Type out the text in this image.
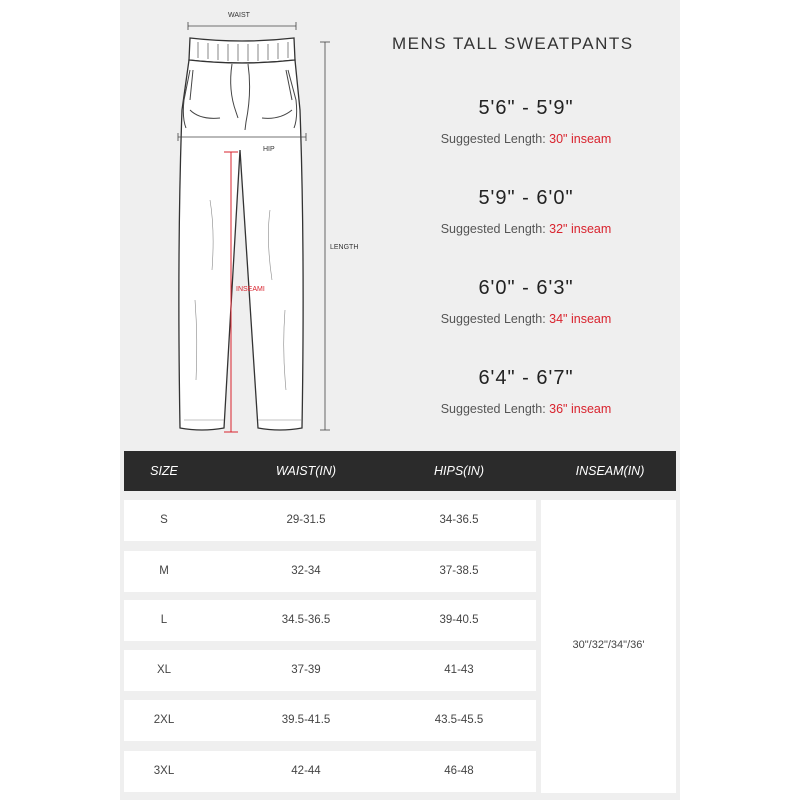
WAIST
HIP
LENGTH
INSEAMI
MENS TALL SWEATPANTS
5'6" - 5'9"
Suggested Length: 30" inseam
5'9" - 6'0"
Suggested Length: 32" inseam
6'0" - 6'3"
Suggested Length: 34" inseam
6'4" - 6'7"
Suggested Length: 36" inseam
SIZE	WAIST(IN)	HIPS(IN)	INSEAM(IN)
S	29-31.5	34-36.5
M	32-34	37-38.5
L	34.5-36.5	39-40.5
XL	37-39	41-43
2XL	39.5-41.5	43.5-45.5
3XL	42-44	46-48
30"/32"/34"/36'
